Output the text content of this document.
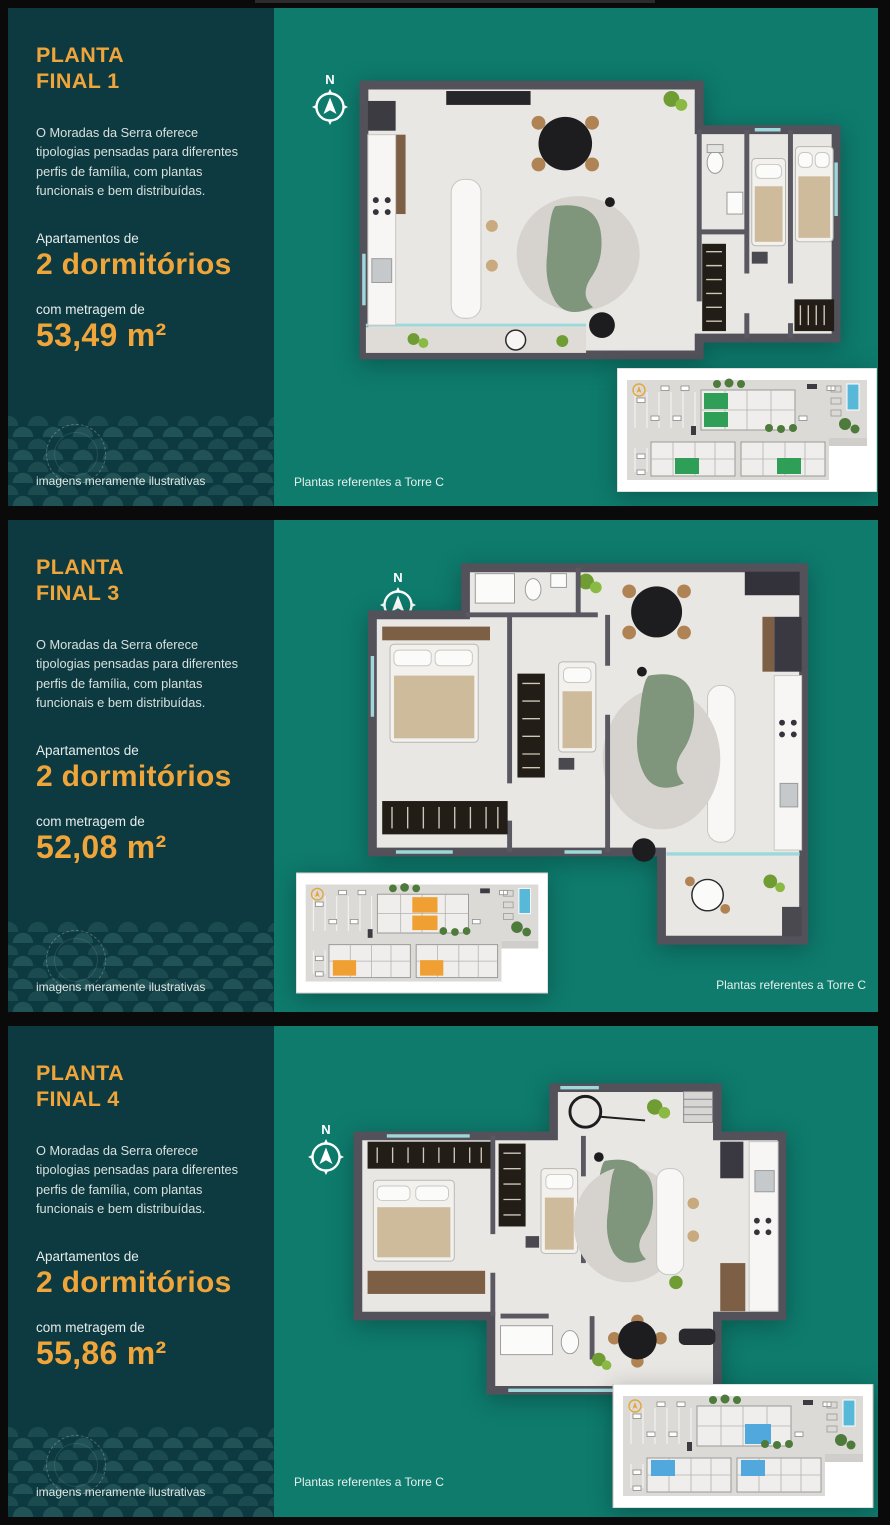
PLANTA
FINAL 1

O Moradas da Serra oferece tipologias pensadas para diferentes perfis de família, com plantas funcionais e bem distribuídas.

Apartamentos de
2 dormitórios
com metragem de
53,49 m²
imagens meramente ilustrativas
N
Plantas referentes a Torre C
PLANTA
FINAL 3

O Moradas da Serra oferece tipologias pensadas para diferentes perfis de família, com plantas funcionais e bem distribuídas.

Apartamentos de
2 dormitórios
com metragem de
52,08 m²
imagens meramente ilustrativas
N
Plantas referentes a Torre C
PLANTA
FINAL 4

O Moradas da Serra oferece tipologias pensadas para diferentes perfis de família, com plantas funcionais e bem distribuídas.

Apartamentos de
2 dormitórios
com metragem de
55,86 m²
imagens meramente ilustrativas
N
Plantas referentes a Torre C
